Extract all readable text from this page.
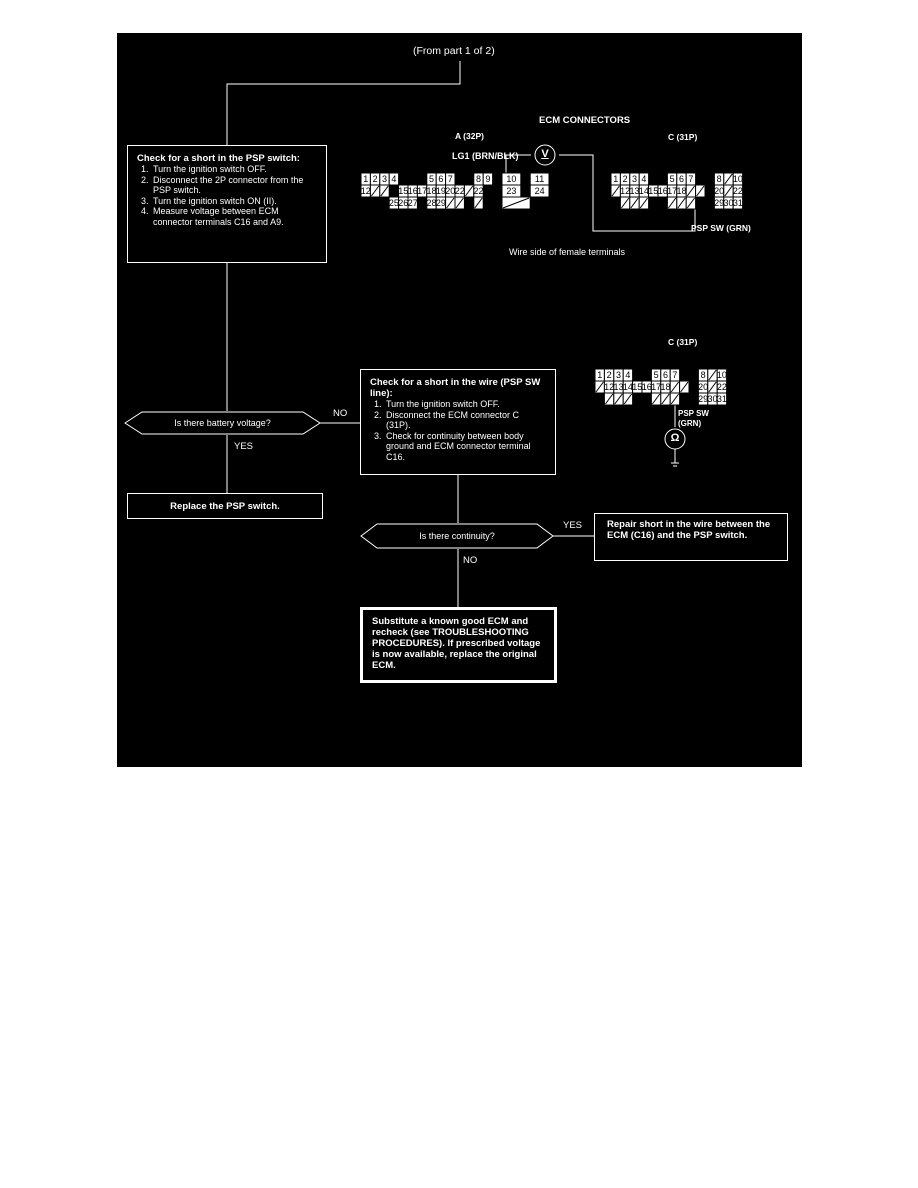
1 2 3 4	5 6 7	8 9 10 11
12	15 16 17 18 19 20 22 22	23 24
25 26 27 28 29
1 2 3 4	5 6 7	8 10
12 13 14 15 16 17 18	20 22
29 30 31
1 2 3 4	5 6 7	8 10
12 13 14 15 16 17 18	20 22
29 30 31
(From part 1 of 2)
ECM CONNECTORS
A (32P)	C (31P)
LG1 (BRN/BLK) V
PSP SW (GRN)
Wire side of female terminals
C (31P)
PSP SW
(GRN)
Ω
Check for a short in the PSP switch:
1. Turn the ignition switch OFF.
2. Disconnect the 2P connector from the PSP switch.
3. Turn the ignition switch ON (II).
4. Measure voltage between ECM connector terminals C16 and A9.
Is there battery voltage?
NO
YES
Replace the PSP switch.
Check for a short in the wire (PSP SW line):
1. Turn the ignition switch OFF.
2. Disconnect the ECM connector C (31P).
3. Check for continuity between body ground and ECM connector terminal C16.
Is there continuity?
YES
NO
Repair short in the wire between the ECM (C16) and the PSP switch.
Substitute a known good ECM and recheck (see TROUBLESHOOTING PROCEDURES). If prescribed voltage is now available, replace the original ECM.
